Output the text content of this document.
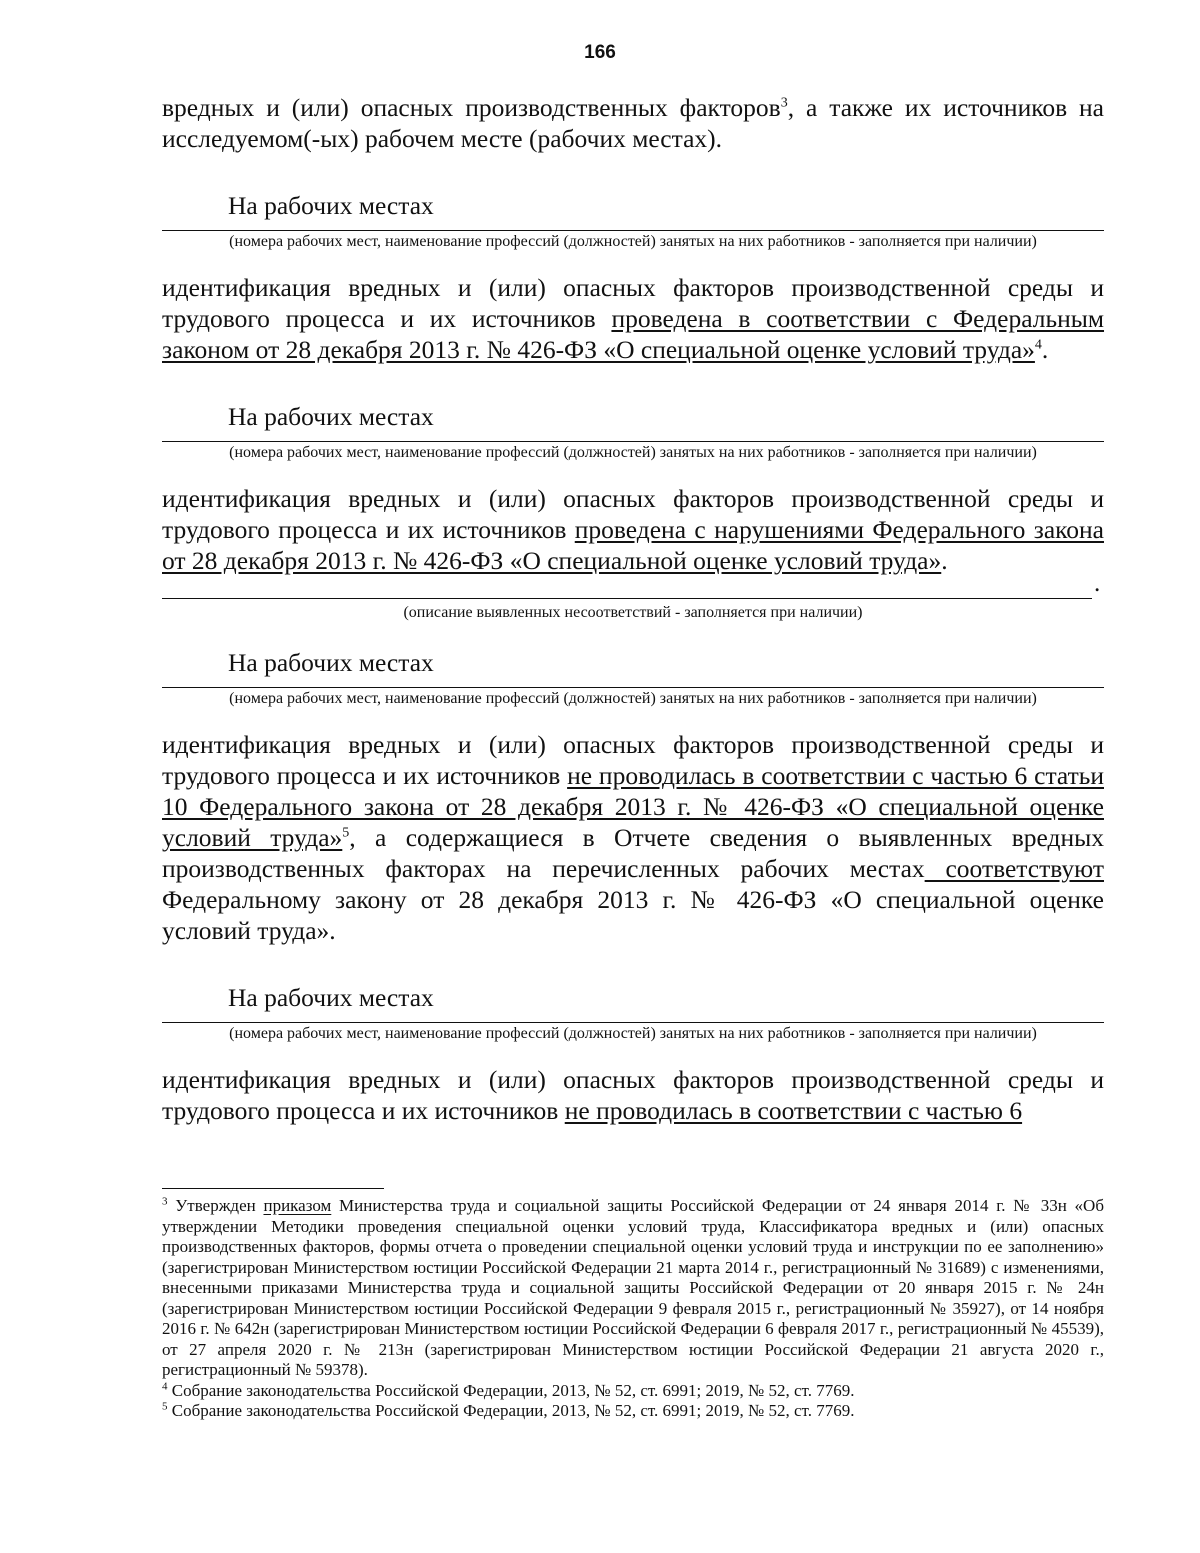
166

вредных и (или) опасных производственных факторов$^3$, а также их источников на исследуемом(-ых) рабочем месте (рабочих местах).

На рабочих местах

(номера рабочих мест, наименование профессий (должностей) занятых на них работников - заполняется при наличии)

идентификация вредных и (или) опасных факторов производственной среды и трудового процесса и их источников проведена в соответствии с Федеральным законом от 28 декабря 2013 г. № 426-ФЗ «О специальной оценке условий труда»$^4$.

На рабочих местах

(номера рабочих мест, наименование профессий (должностей) занятых на них работников - заполняется при наличии)

идентификация вредных и (или) опасных факторов производственной среды и трудового процесса и их источников проведена с нарушениями Федерального закона от 28 декабря 2013 г. № 426-ФЗ «О специальной оценке условий труда».

.

(описание выявленных несоответствий - заполняется при наличии)

На рабочих местах

(номера рабочих мест, наименование профессий (должностей) занятых на них работников - заполняется при наличии)

идентификация вредных и (или) опасных факторов производственной среды и трудового процесса и их источников не проводилась в соответствии с частью 6 статьи 10 Федерального закона от 28 декабря 2013 г. № 426-ФЗ «О специальной оценке условий труда»$^5$, а содержащиеся в Отчете сведения о выявленных вредных производственных факторах на перечисленных рабочих местах соответствуют Федеральному закону от 28 декабря 2013 г. № 426-ФЗ «О специальной оценке условий труда».

На рабочих местах

(номера рабочих мест, наименование профессий (должностей) занятых на них работников - заполняется при наличии)

идентификация вредных и (или) опасных факторов производственной среды и трудового процесса и их источников не проводилась в соответствии с частью 6

$^3$ Утвержден приказом Министерства труда и социальной защиты Российской Федерации от 24 января 2014 г. № 33н «Об утверждении Методики проведения специальной оценки условий труда, Классификатора вредных и (или) опасных производственных факторов, формы отчета о проведении специальной оценки условий труда и инструкции по ее заполнению» (зарегистрирован Министерством юстиции Российской Федерации 21 марта 2014 г., регистрационный № 31689) с изменениями, внесенными приказами Министерства труда и социальной защиты Российской Федерации от 20 января 2015 г. № 24н (зарегистрирован Министерством юстиции Российской Федерации 9 февраля 2015 г., регистрационный № 35927), от 14 ноября 2016 г. № 642н (зарегистрирован Министерством юстиции Российской Федерации 6 февраля 2017 г., регистрационный № 45539), от 27 апреля 2020 г. № 213н (зарегистрирован Министерством юстиции Российской Федерации 21 августа 2020 г., регистрационный № 59378).

$^4$ Собрание законодательства Российской Федерации, 2013, № 52, ст. 6991; 2019, № 52, ст. 7769.

$^5$ Собрание законодательства Российской Федерации, 2013, № 52, ст. 6991; 2019, № 52, ст. 7769.
